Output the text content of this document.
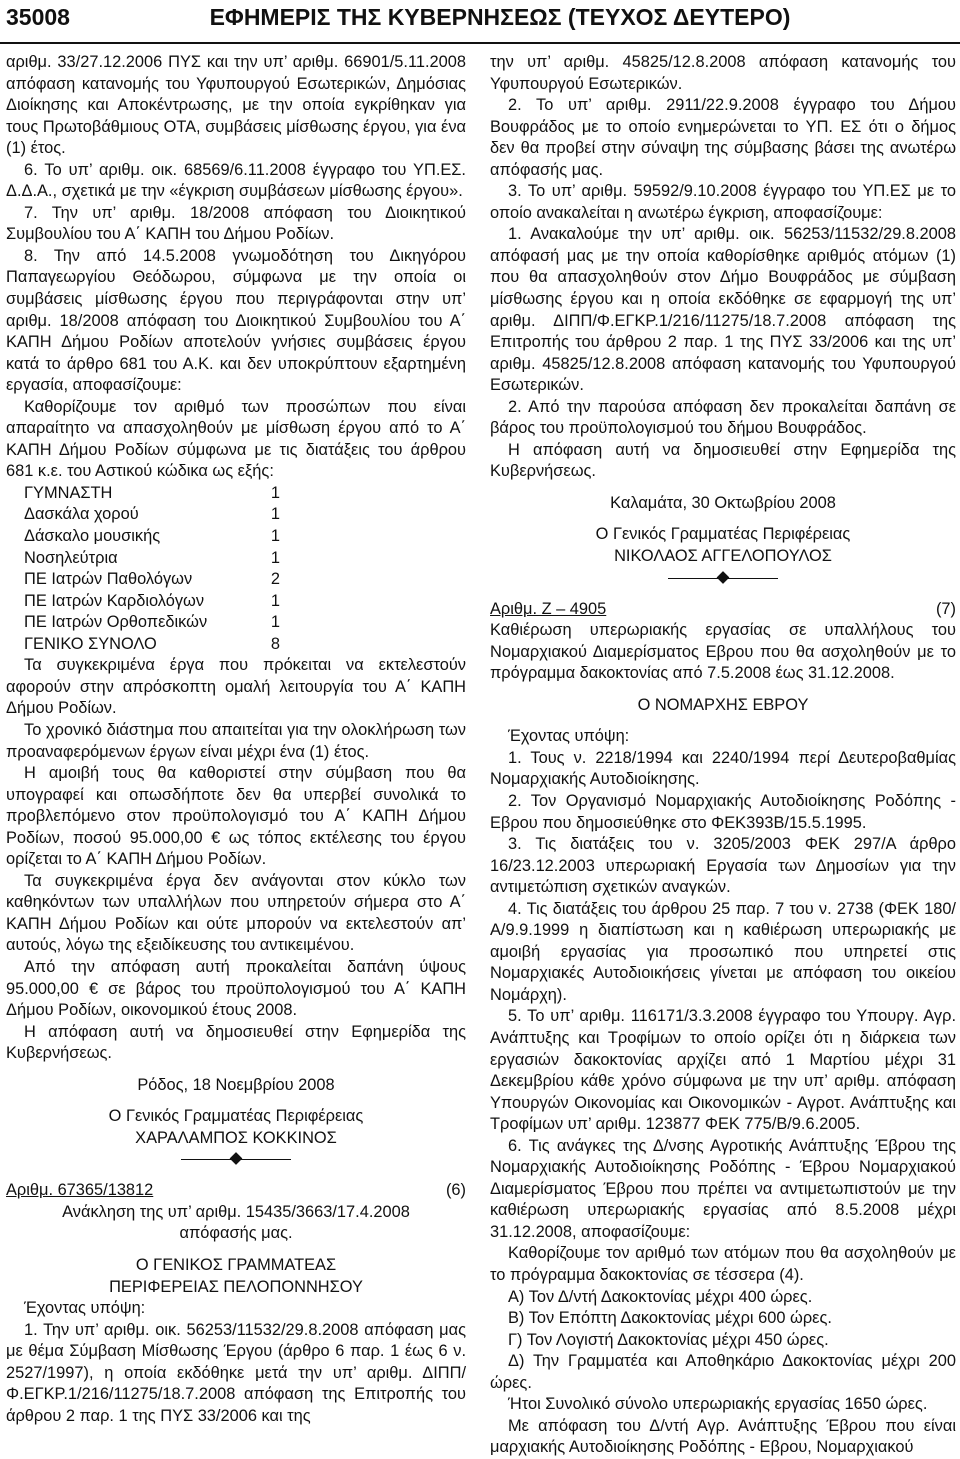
35008	ΕΦΗΜΕΡΙΣ ΤΗΣ ΚΥΒΕΡΝΗΣΕΩΣ (ΤΕΥΧΟΣ ΔΕΥΤΕΡΟ)

αριθμ. 33/27.12.2006 ΠΥΣ και την υπ’ αριθμ. 66901/5.11.2008 απόφαση κατανομής του Υφυπουργού Εσωτερικών, Δημόσιας Διοίκησης και Αποκέντρωσης, με την οποία εγκρίθηκαν για τους Πρωτοβάθμιους ΟΤΑ, συμβάσεις μίσθωσης έργου, για ένα (1) έτος.

6. Το υπ’ αριθμ. οικ. 68569/6.11.2008 έγγραφο του ΥΠ.ΕΣ. Δ.Δ.Α., σχετικά με την «έγκριση συμβάσεων μίσθωσης έργου».

7. Την υπ’ αριθμ. 18/2008 απόφαση του Διοικητικού Συμβουλίου του Α΄ ΚΑΠΗ του Δήμου Ροδίων.

8. Την από 14.5.2008 γνωμοδότηση του Δικηγόρου Παπαγεωργίου Θεόδωρου, σύμφωνα με την οποία οι συμβάσεις μίσθωσης έργου που περιγράφονται στην υπ’ αριθμ. 18/2008 απόφαση του Διοικητικού Συμβουλίου του Α΄ ΚΑΠΗ Δήμου Ροδίων αποτελούν γνήσιες συμβάσεις έργου κατά το άρθρο 681 του Α.Κ. και δεν υποκρύπτουν εξαρτημένη εργασία, αποφασίζουμε:

Καθορίζουμε τον αριθμό των προσώπων που είναι απαραίτητο να απασχοληθούν με μίσθωση έργου από το Α΄ ΚΑΠΗ Δήμου Ροδίων σύμφωνα με τις διατάξεις του άρθρου 681 κ.ε. του Αστικού κώδικα ως εξής:

ΓΥΜΝΑΣΤΗ	1
Δασκάλα χορού	1
Δάσκαλο μουσικής	1
Νοσηλεύτρια	1
ΠΕ Ιατρών Παθολόγων	2
ΠΕ Ιατρών Καρδιολόγων	1
ΠΕ Ιατρών Ορθοπεδικών	1
ΓΕΝΙΚΟ ΣΥΝΟΛΟ	8

Τα συγκεκριμένα έργα που πρόκειται να εκτελεστούν αφορούν στην απρόσκοπτη ομαλή λειτουργία του Α΄ ΚΑΠΗ Δήμου Ροδίων.

Το χρονικό διάστημα που απαιτείται για την ολοκλήρωση των προαναφερόμενων έργων είναι μέχρι ένα (1) έτος.

Η αμοιβή τους θα καθοριστεί στην σύμβαση που θα υπογραφεί και οπωσδήποτε δεν θα υπερβεί συνολικά το προβλεπόμενο στον προϋπολογισμό του Α΄ ΚΑΠΗ Δήμου Ροδίων, ποσού 95.000,00 € ως τόπος εκτέλεσης του έργου ορίζεται το Α΄ ΚΑΠΗ Δήμου Ροδίων.

Τα συγκεκριμένα έργα δεν ανάγονται στον κύκλο των καθηκόντων των υπαλλήλων που υπηρετούν σήμερα στο Α΄ ΚΑΠΗ Δήμου Ροδίων και ούτε μπορούν να εκτελεστούν απ’ αυτούς, λόγω της εξειδίκευσης του αντικειμένου.

Από την απόφαση αυτή προκαλείται δαπάνη ύψους 95.000,00 € σε βάρος του προϋπολογισμού του Α΄ ΚΑΠΗ Δήμου Ροδίων, οικονομικού έτους 2008.

Η απόφαση αυτή να δημοσιευθεί στην Εφημερίδα της Κυβερνήσεως.

Ρόδος, 18 Νοεμβρίου 2008

Ο Γενικός Γραμματέας Περιφέρειας

ΧΑΡΑΛΑΜΠΟΣ ΚΟΚΚΙΝΟΣ

Αριθμ. 67365/13812	(6)

Ανάκληση της υπ’ αριθμ. 15435/3663/17.4.2008

απόφασής μας.

Ο ΓΕΝΙΚΟΣ ΓΡΑΜΜΑΤΕΑΣ

ΠΕΡΙΦΕΡΕΙΑΣ ΠΕΛΟΠΟΝΝΗΣΟΥ

Έχοντας υπόψη:

1. Την υπ’ αριθμ. οικ. 56253/11532/29.8.2008 απόφαση μας με θέμα Σύμβαση Μίσθωσης Έργου (άρθρο 6 παρ. 1 έως 6 ν. 2527/1997), η οποία εκδόθηκε μετά την υπ’ αριθμ. ΔΙΠΠ/Φ.ΕΓΚΡ.1/216/11275/18.7.2008 απόφαση της Επιτροπής του άρθρου 2 παρ. 1 της ΠΥΣ 33/2006 και της

την υπ’ αριθμ. 45825/12.8.2008 απόφαση κατανομής του Υφυπουργού Εσωτερικών.

2. Το υπ’ αριθμ. 2911/22.9.2008 έγγραφο του Δήμου Βουφράδος με το οποίο ενημερώνεται το ΥΠ. ΕΣ ότι ο δήμος δεν θα προβεί στην σύναψη της σύμβασης βάσει της ανωτέρω απόφασής μας.

3. Το υπ’ αριθμ. 59592/9.10.2008 έγγραφο του ΥΠ.ΕΣ με το οποίο ανακαλείται η ανωτέρω έγκριση, αποφασίζουμε:

1. Ανακαλούμε την υπ’ αριθμ. οικ. 56253/11532/29.8.2008 απόφασή μας με την οποία καθορίσθηκε αριθμός ατόμων (1) που θα απασχοληθούν στον Δήμο Βουφράδος με σύμβαση μίσθωσης έργου και η οποία εκδόθηκε σε εφαρμογή της υπ’ αριθμ. ΔΙΠΠ/Φ.ΕΓΚΡ.1/216/11275/18.7.2008 απόφαση της Επιτροπής του άρθρου 2 παρ. 1 της ΠΥΣ 33/2006 και της υπ’ αριθμ. 45825/12.8.2008 απόφαση κατανομής του Υφυπουργού Εσωτερικών.

2. Από την παρούσα απόφαση δεν προκαλείται δαπάνη σε βάρος του προϋπολογισμού του δήμου Βουφράδος.

Η απόφαση αυτή να δημοσιευθεί στην Εφημερίδα της Κυβερνήσεως.

Καλαμάτα, 30 Οκτωβρίου 2008

Ο Γενικός Γραμματέας Περιφέρειας

ΝΙΚΟΛΑΟΣ ΑΓΓΕΛΟΠΟΥΛΟΣ

Αριθμ. Ζ – 4905	(7)

Καθιέρωση υπερωριακής εργασίας σε υπαλλήλους του Νομαρχιακού Διαμερίσματος Εβρου που θα ασχοληθούν με το πρόγραμμα δακοκτονίας από 7.5.2008 έως 31.12.2008.

Ο ΝΟΜΑΡΧΗΣ ΕΒΡΟΥ

Έχοντας υπόψη:

1. Τους ν. 2218/1994 και 2240/1994 περί Δευτεροβαθμίας Νομαρχιακής Αυτοδιοίκησης.

2. Τον Οργανισμό Νομαρχιακής Αυτοδιοίκησης Ροδόπης - Εβρου που δημοσιεύθηκε στο ΦΕΚ393Β/15.5.1995.

3. Τις διατάξεις του ν. 3205/2003 ΦΕΚ 297/Α άρθρο 16/23.12.2003 υπερωριακή Εργασία των Δημοσίων για την αντιμετώπιση σχετικών αναγκών.

4. Τις διατάξεις του άρθρου 25 παρ. 7 του ν. 2738 (ΦΕΚ 180/Α/9.9.1999 η διαπίστωση και η καθιέρωση υπερωριακής με αμοιβή εργασίας για προσωπικό που υπηρετεί στις Νομαρχιακές Αυτοδιοικήσεις γίνεται με απόφαση του οικείου Νομάρχη).

5. Το υπ’ αριθμ. 116171/3.3.2008 έγγραφο του Υπουργ. Αγρ. Ανάπτυξης και Τροφίμων το οποίο ορίζει ότι η διάρκεια των εργασιών δακοκτονίας αρχίζει από 1 Μαρτίου μέχρι 31 Δεκεμβρίου κάθε χρόνο σύμφωνα με την υπ’ αριθμ. απόφαση Υπουργών Οικονομίας και Οικονομικών - Αγροτ. Ανάπτυξης και Τροφίμων υπ’ αριθμ. 123877 ΦΕΚ 775/Β/9.6.2005.

6. Τις ανάγκες της Δ/νσης Αγροτικής Ανάπτυξης Έβρου της Νομαρχιακής Αυτοδιοίκησης Ροδόπης - Έβρου Νομαρχιακού Διαμερίσματος Έβρου που πρέπει να αντιμετωπιστούν με την καθιέρωση υπερωριακής εργασίας από 8.5.2008 μέχρι 31.12.2008, αποφασίζουμε:

Καθορίζουμε τον αριθμό των ατόμων που θα ασχοληθούν με το πρόγραμμα δακοκτονίας σε τέσσερα (4).

Α) Τον Δ/ντή Δακοκτονίας μέχρι 400 ώρες.

Β) Τον Επόπτη Δακοκτονίας μέχρι 600 ώρες.

Γ) Τον Λογιστή Δακοκτονίας μέχρι 450 ώρες.

Δ) Την Γραμματέα και Αποθηκάριο Δακοκτονίας μέχρι 200 ώρες.

Ήτοι Συνολικό σύνολο υπερωριακής εργασίας 1650 ώρες.

Με απόφαση του Δ/ντή Αγρ. Ανάπτυξης Έβρου που είναι μαρχιακής Αυτοδιοίκησης Ροδόπης - Εβρου, Νομαρχιακού
